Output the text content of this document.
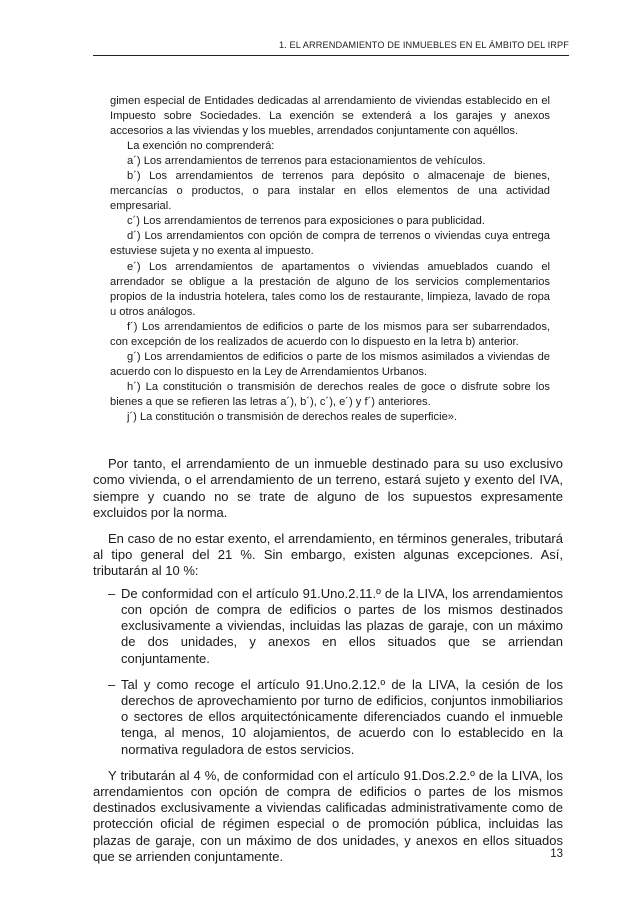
1. EL ARRENDAMIENTO DE INMUEBLES EN EL ÁMBITO DEL IRPF

gimen especial de Entidades dedicadas al arrendamiento de viviendas establecido en el Impuesto sobre Sociedades. La exención se extenderá a los garajes y anexos accesorios a las viviendas y los muebles, arrendados conjuntamente con aquéllos.

La exención no comprenderá:

a´) Los arrendamientos de terrenos para estacionamientos de vehículos.

b´) Los arrendamientos de terrenos para depósito o almacenaje de bienes, mercancías o productos, o para instalar en ellos elementos de una actividad empresarial.

c´) Los arrendamientos de terrenos para exposiciones o para publicidad.

d´) Los arrendamientos con opción de compra de terrenos o viviendas cuya entrega estuviese sujeta y no exenta al impuesto.

e´) Los arrendamientos de apartamentos o viviendas amueblados cuando el arrendador se obligue a la prestación de alguno de los servicios complementarios propios de la industria hotelera, tales como los de restaurante, limpieza, lavado de ropa u otros análogos.

f´) Los arrendamientos de edificios o parte de los mismos para ser subarrendados, con excepción de los realizados de acuerdo con lo dispuesto en la letra b) anterior.

g´) Los arrendamientos de edificios o parte de los mismos asimilados a viviendas de acuerdo con lo dispuesto en la Ley de Arrendamientos Urbanos.

h´) La constitución o transmisión de derechos reales de goce o disfrute sobre los bienes a que se refieren las letras a´), b´), c´), e´) y f´) anteriores.

j´) La constitución o transmisión de derechos reales de superficie».

Por tanto, el arrendamiento de un inmueble destinado para su uso exclusivo como vivienda, o el arrendamiento de un terreno, estará sujeto y exento del IVA, siempre y cuando no se trate de alguno de los supuestos expresamente excluidos por la norma.

En caso de no estar exento, el arrendamiento, en términos generales, tributará al tipo general del 21 %. Sin embargo, existen algunas excepciones. Así, tributarán al 10 %:

– De conformidad con el artículo 91.Uno.2.11.º de la LIVA, los arrendamientos con opción de compra de edificios o partes de los mismos destinados exclusivamente a viviendas, incluidas las plazas de garaje, con un máximo de dos unidades, y anexos en ellos situados que se arriendan conjuntamente.
– Tal y como recoge el artículo 91.Uno.2.12.º de la LIVA, la cesión de los derechos de aprovechamiento por turno de edificios, conjuntos inmobiliarios o sectores de ellos arquitectónicamente diferenciados cuando el inmueble tenga, al menos, 10 alojamientos, de acuerdo con lo establecido en la normativa reguladora de estos servicios.

Y tributarán al 4 %, de conformidad con el artículo 91.Dos.2.2.º de la LIVA, los arrendamientos con opción de compra de edificios o partes de los mismos destinados exclusivamente a viviendas calificadas administrativamente como de protección oficial de régimen especial o de promoción pública, incluidas las plazas de garaje, con un máximo de dos unidades, y anexos en ellos situados que se arrienden conjuntamente.	13
